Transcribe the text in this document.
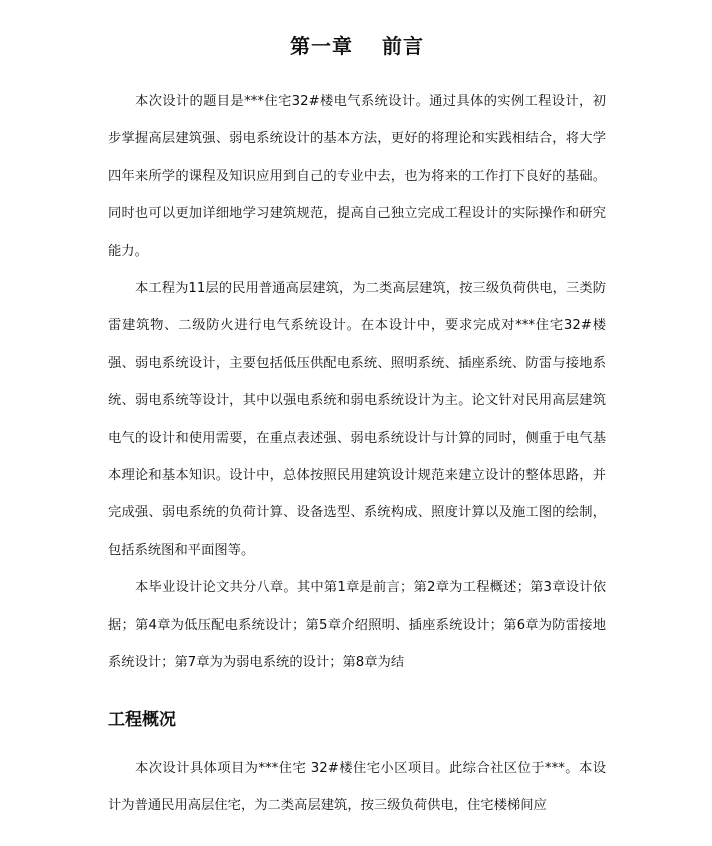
第一章　 前言

本次设计的题目是***住宅32#楼电气系统设计。通过具体的实例工程设计，初步掌握高层建筑强、弱电系统设计的基本方法，更好的将理论和实践相结合，将大学四年来所学的课程及知识应用到自己的专业中去，也为将来的工作打下良好的基础。同时也可以更加详细地学习建筑规范，提高自己独立完成工程设计的实际操作和研究能力。

本工程为11层的民用普通高层建筑，为二类高层建筑，按三级负荷供电，三类防雷建筑物、二级防火进行电气系统设计。在本设计中，要求完成对***住宅32#楼强、弱电系统设计，主要包括低压供配电系统、照明系统、插座系统、防雷与接地系统、弱电系统等设计，其中以强电系统和弱电系统设计为主。论文针对民用高层建筑电气的设计和使用需要，在重点表述强、弱电系统设计与计算的同时，侧重于电气基本理论和基本知识。设计中，总体按照民用建筑设计规范来建立设计的整体思路，并完成强、弱电系统的负荷计算、设备选型、系统构成、照度计算以及施工图的绘制，包括系统图和平面图等。

本毕业设计论文共分八章。其中第1章是前言；第2章为工程概述；第3章设计依据；第4章为低压配电系统设计；第5章介绍照明、插座系统设计；第6章为防雷接地系统设计；第7章为为弱电系统的设计；第8章为结

工程概况

本次设计具体项目为***住宅 32#楼住宅小区项目。此综合社区位于***。本设计为普通民用高层住宅，为二类高层建筑，按三级负荷供电，住宅楼梯间应
